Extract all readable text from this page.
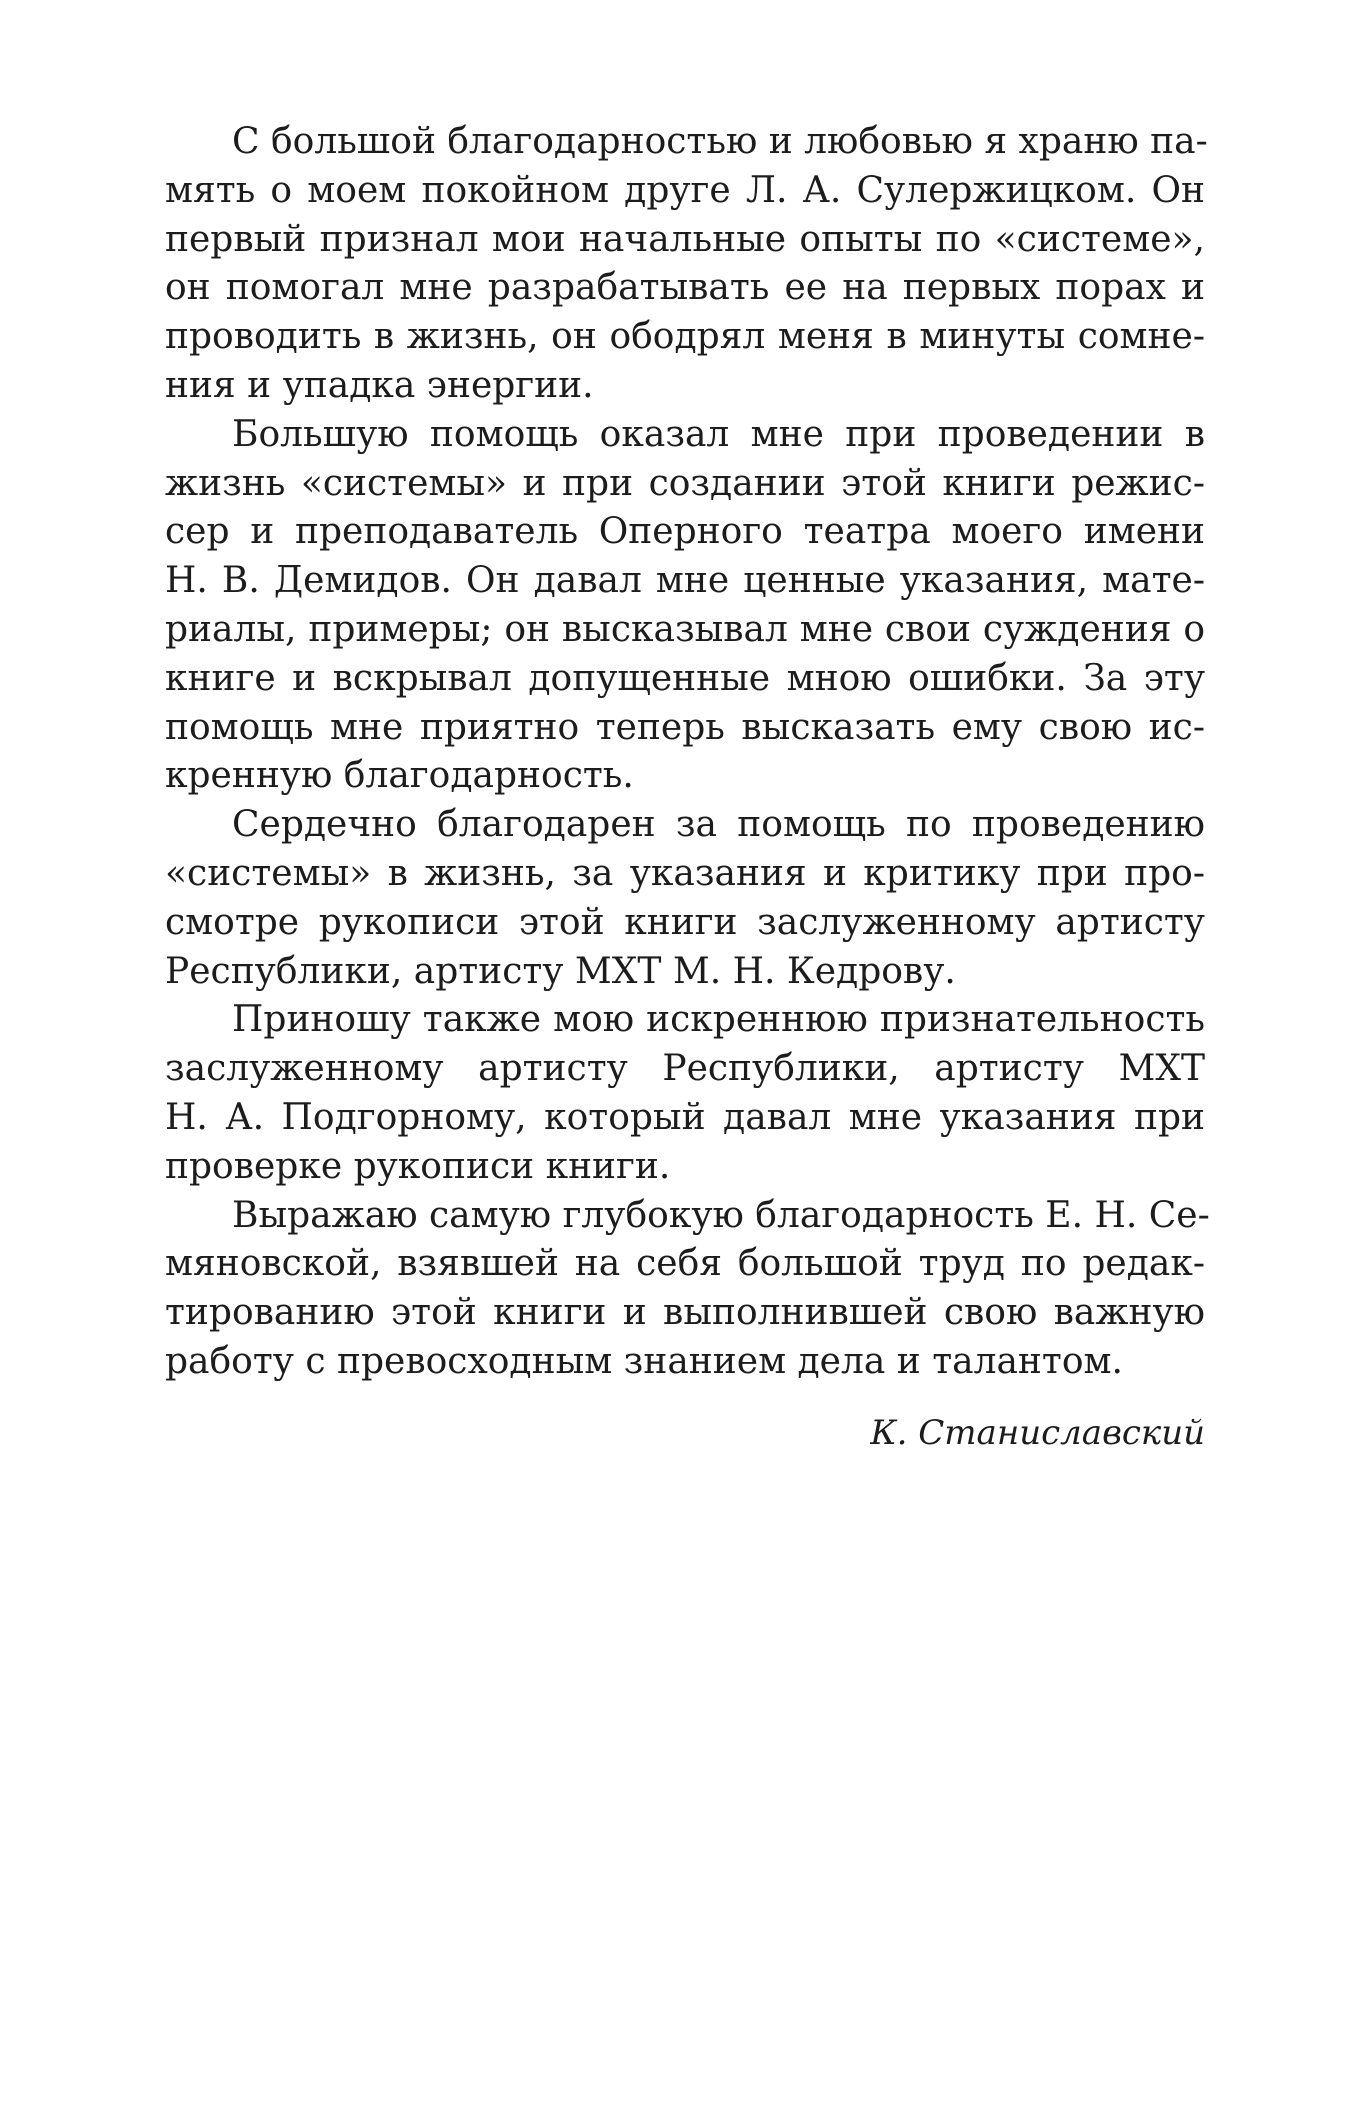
С большой благодарностью и любовью я храню па-
мять о моем покойном друге Л. А. Сулержицком. Он
первый признал мои начальные опыты по «системе»,
он помогал мне разрабатывать ее на первых порах и
проводить в жизнь, он ободрял меня в минуты сомне-
ния и упадка энергии.
Большую помощь оказал мне при проведении в
жизнь «системы» и при создании этой книги режис-
сер и преподаватель Оперного театра моего имени
Н. В. Демидов. Он давал мне ценные указания, мате-
риалы, примеры; он высказывал мне свои суждения о
книге и вскрывал допущенные мною ошибки. За эту
помощь мне приятно теперь высказать ему свою ис-
кренную благодарность.
Сердечно благодарен за помощь по проведению
«системы» в жизнь, за указания и критику при про-
смотре рукописи этой книги заслуженному артисту
Республики, артисту МХТ М. Н. Кедрову.
Приношу также мою искреннюю признательность
заслуженному артисту Республики, артисту МХТ
Н. А. Подгорному, который давал мне указания при
проверке рукописи книги.
Выражаю самую глубокую благодарность Е. Н. Се-
мяновской, взявшей на себя большой труд по редак-
тированию этой книги и выполнившей свою важную
работу с превосходным знанием дела и талантом.
К. Станиславский
